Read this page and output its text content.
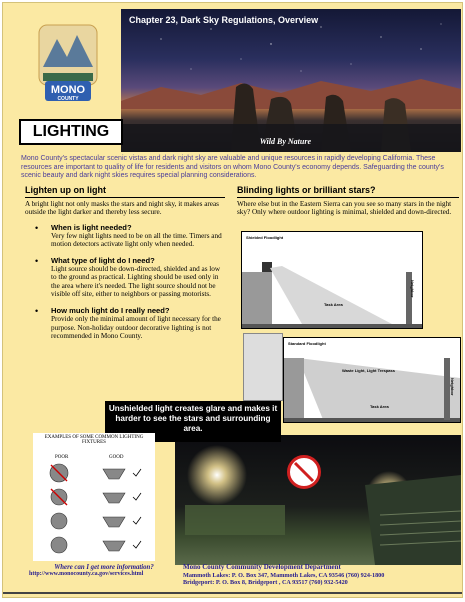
Chapter 23, Dark Sky Regulations, Overview
Wild By Nature
MONO
COUNTY
LIGHTING
Mono County's spectacular scenic vistas and dark night sky are valuable and unique resources in rapidly developing California. These resources are important to quality of life for residents and visitors on whom Mono County's economy depends. Safeguarding the county's scenic beauty and dark night skies requires special planning considerations.
Lighten up on light
A bright light not only masks the stars and night sky, it makes areas outside the light darker and thereby less secure.
• When is light needed?
Very few night lights need to be on all the time. Timers and motion detectors activate light only when needed.
• What type of light do I need?
Light source should be down-directed, shielded and as low to the ground as practical. Lighting should be used only in the area where it's needed. The light source should not be visible off site, either to neighbors or passing motorists.
• How much light do I really need?
Provide only the minimal amount of light necessary for the purpose. Non-holiday outdoor decorative lighting is not recommended in Mono County.
Blinding lights or brilliant stars?
Where else but in the Eastern Sierra can you see so many stars in the night sky? Only where outdoor lighting is minimal, shielded and down-directed.
Shielded Floodlight
Task Area
Neighbor
Standard Floodlight
Waste Light, Light Trespass
Task Area
Neighbor
Unshielded light creates glare and makes it harder to see the stars and surrounding area.
EXAMPLES OF SOME COMMON LIGHTING FIXTURES
POOR	GOOD
Where can I get more information?
http://www.monocounty.ca.gov/services.html
Mono County Community Development Department
Mammoth Lakes: P. O. Box 347, Mammoth Lakes, CA 93546 (760) 924-1800
Bridgeport: P. O. Box 8, Bridgeport , CA 93517 (760) 932-5420
